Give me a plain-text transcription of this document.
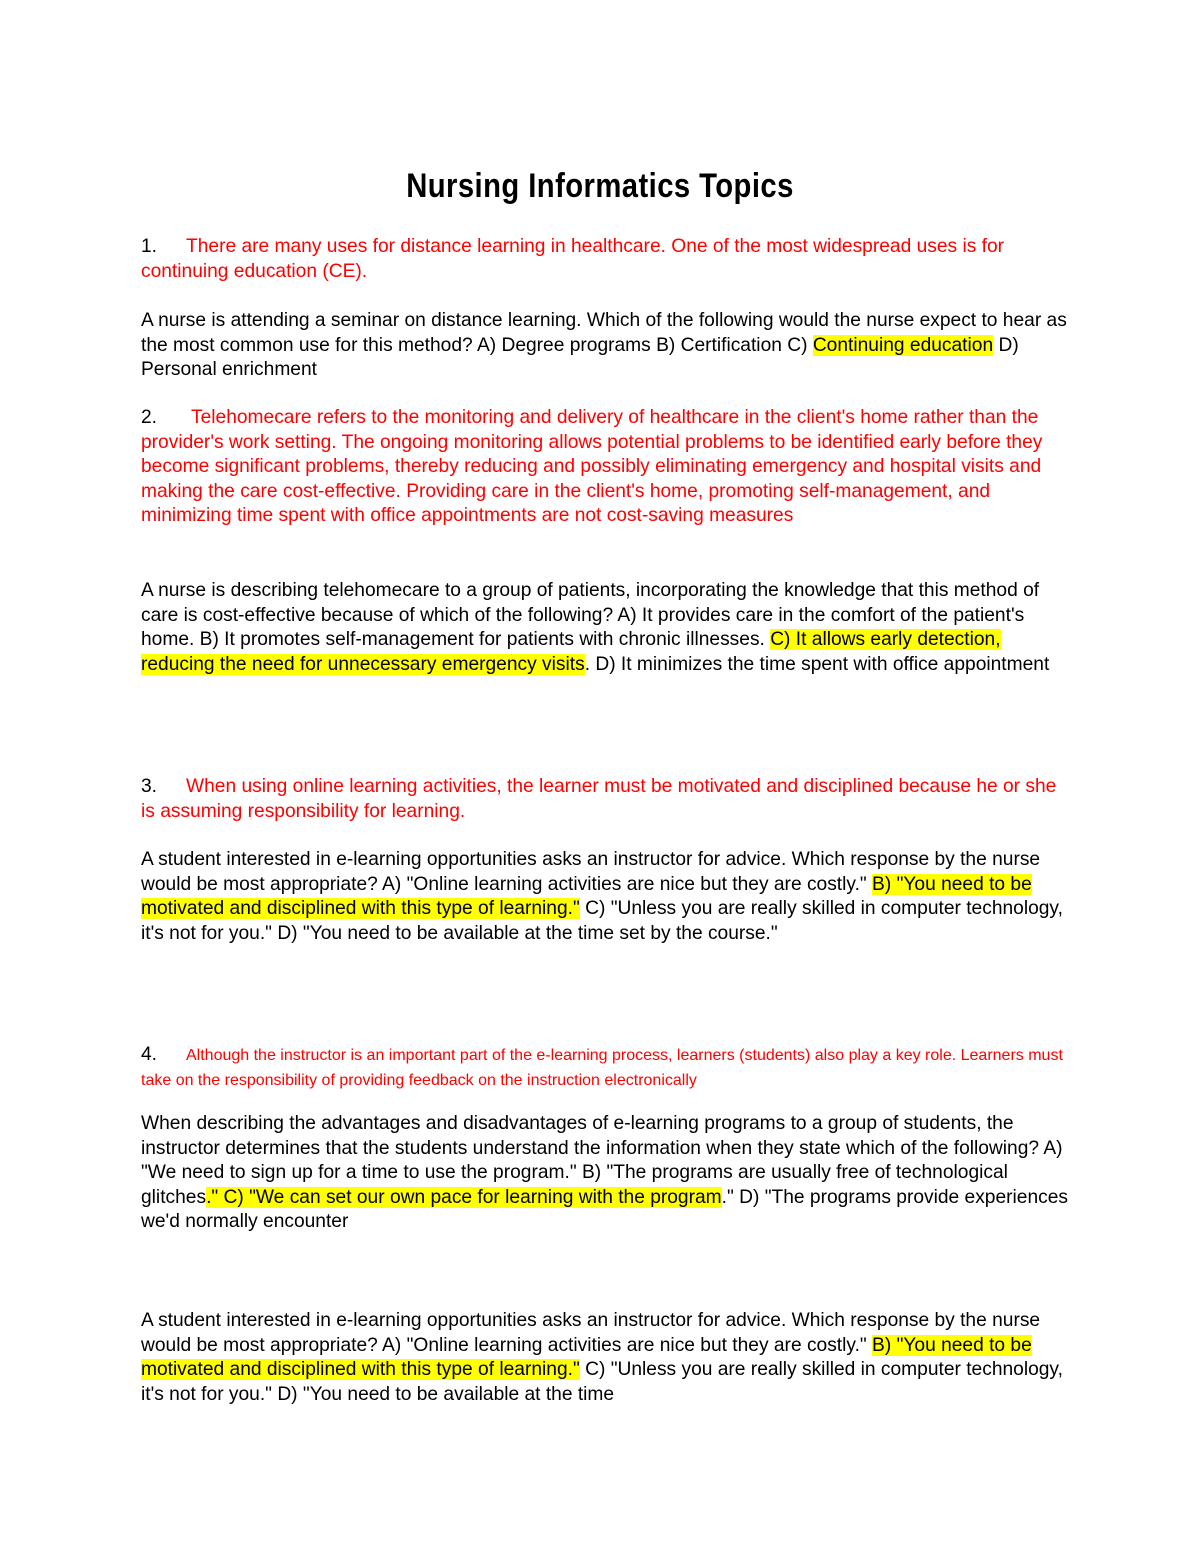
Nursing Informatics Topics
1. There are many uses for distance learning in healthcare. One of the most widespread uses is for continuing education (CE).
A nurse is attending a seminar on distance learning. Which of the following would the nurse expect to hear as the most common use for this method? A) Degree programs B) Certification C) Continuing education D) Personal enrichment
2. Telehomecare refers to the monitoring and delivery of healthcare in the client's home rather than the provider's work setting. The ongoing monitoring allows potential problems to be identified early before they become significant problems, thereby reducing and possibly eliminating emergency and hospital visits and making the care cost-effective. Providing care in the client's home, promoting self-management, and minimizing time spent with office appointments are not cost-saving measures
A nurse is describing telehomecare to a group of patients, incorporating the knowledge that this method of care is cost-effective because of which of the following? A) It provides care in the comfort of the patient's home. B) It promotes self-management for patients with chronic illnesses. C) It allows early detection, reducing the need for unnecessary emergency visits. D) It minimizes the time spent with office appointment
3. When using online learning activities, the learner must be motivated and disciplined because he or she is assuming responsibility for learning.
A student interested in e-learning opportunities asks an instructor for advice. Which response by the nurse would be most appropriate? A) "Online learning activities are nice but they are costly." B) "You need to be motivated and disciplined with this type of learning." C) "Unless you are really skilled in computer technology, it's not for you." D) "You need to be available at the time set by the course."
4. Although the instructor is an important part of the e-learning process, learners (students) also play a key role. Learners must take on the responsibility of providing feedback on the instruction electronically
When describing the advantages and disadvantages of e-learning programs to a group of students, the instructor determines that the students understand the information when they state which of the following? A) "We need to sign up for a time to use the program." B) "The programs are usually free of technological glitches." C) "We can set our own pace for learning with the program." D) "The programs provide experiences we'd normally encounter
A student interested in e-learning opportunities asks an instructor for advice. Which response by the nurse would be most appropriate? A) "Online learning activities are nice but they are costly." B) "You need to be motivated and disciplined with this type of learning." C) "Unless you are really skilled in computer technology, it's not for you." D) "You need to be available at the time
